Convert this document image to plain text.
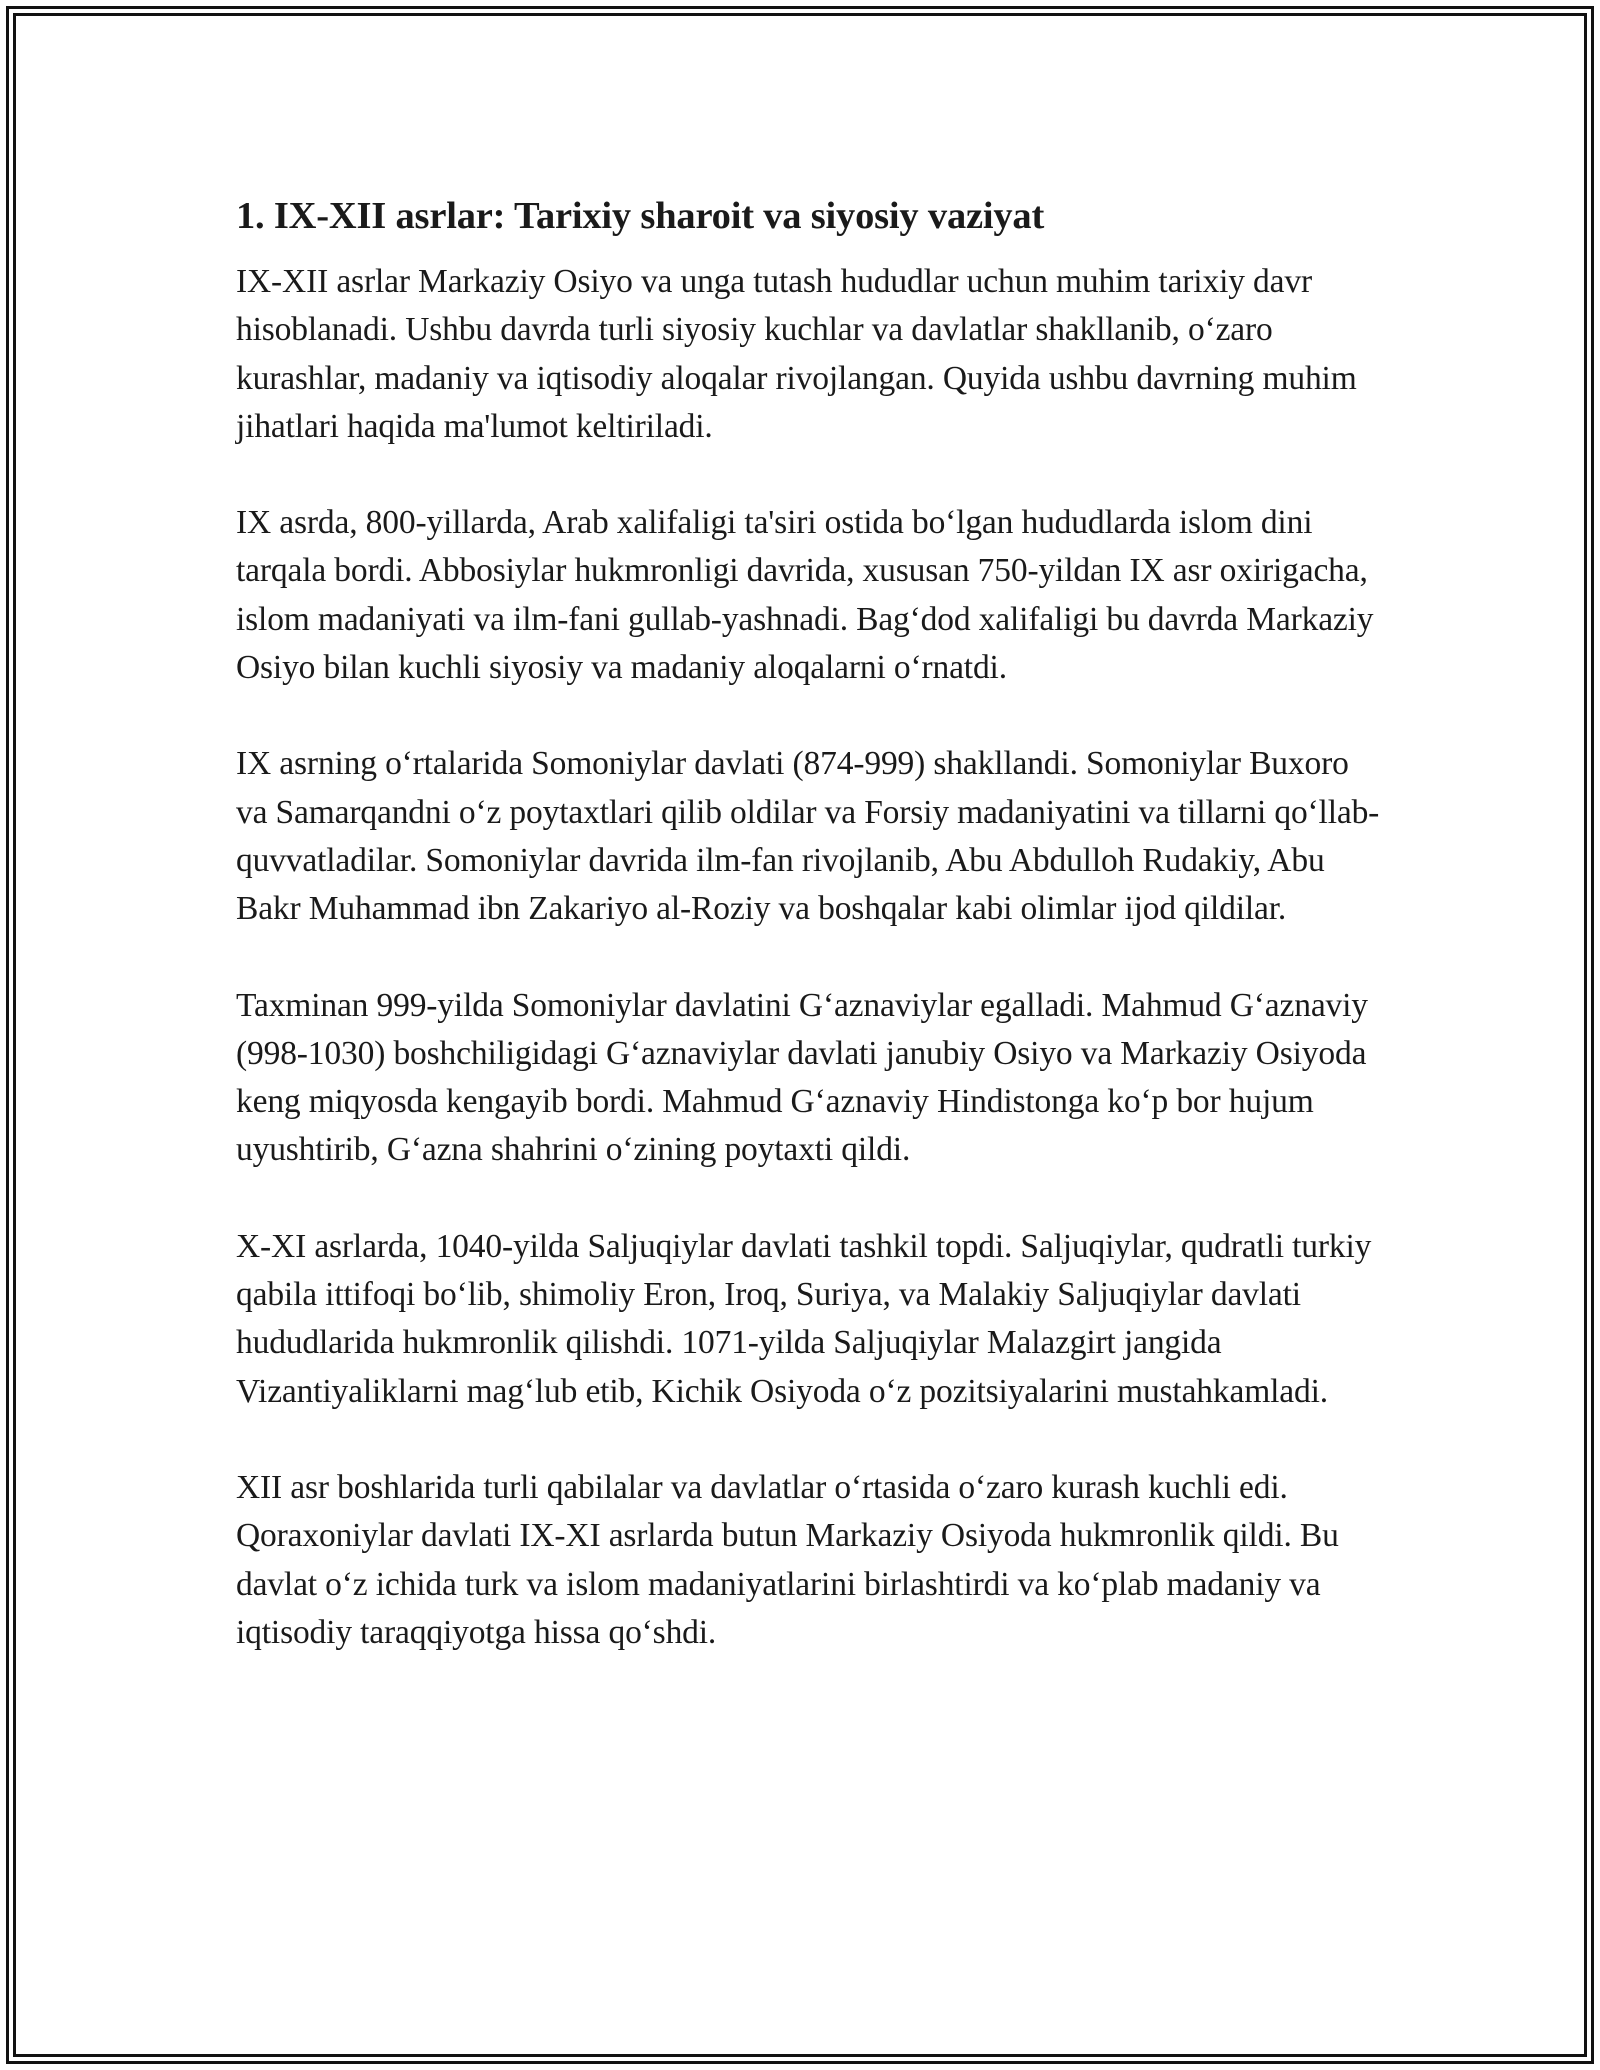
1. IX-XII asrlar: Tarixiy sharoit va siyosiy vaziyat

IX-XII asrlar Markaziy Osiyo va unga tutash hududlar uchun muhim tarixiy davr hisoblanadi. Ushbu davrda turli siyosiy kuchlar va davlatlar shakllanib, o‘zaro kurashlar, madaniy va iqtisodiy aloqalar rivojlangan. Quyida ushbu davrning muhim jihatlari haqida ma'lumot keltiriladi.

IX asrda, 800-yillarda, Arab xalifaligi ta'siri ostida bo‘lgan hududlarda islom dini tarqala bordi. Abbosiylar hukmronligi davrida, xususan 750-yildan IX asr oxirigacha, islom madaniyati va ilm-fani gullab-yashnadi. Bag‘dod xalifaligi bu davrda Markaziy Osiyo bilan kuchli siyosiy va madaniy aloqalarni o‘rnatdi.

IX asrning o‘rtalarida Somoniylar davlati (874-999) shakllandi. Somoniylar Buxoro va Samarqandni o‘z poytaxtlari qilib oldilar va Forsiy madaniyatini va tillarni qo‘llab-quvvatladilar. Somoniylar davrida ilm-fan rivojlanib, Abu Abdulloh Rudakiy, Abu Bakr Muhammad ibn Zakariyo al-Roziy va boshqalar kabi olimlar ijod qildilar.

Taxminan 999-yilda Somoniylar davlatini G‘aznaviylar egalladi. Mahmud G‘aznaviy (998-1030) boshchiligidagi G‘aznaviylar davlati janubiy Osiyo va Markaziy Osiyoda keng miqyosda kengayib bordi. Mahmud G‘aznaviy Hindistonga ko‘p bor hujum uyushtirib, G‘azna shahrini o‘zining poytaxti qildi.

X-XI asrlarda, 1040-yilda Saljuqiylar davlati tashkil topdi. Saljuqiylar, qudratli turkiy qabila ittifoqi bo‘lib, shimoliy Eron, Iroq, Suriya, va Malakiy Saljuqiylar davlati hududlarida hukmronlik qilishdi. 1071-yilda Saljuqiylar Malazgirt jangida Vizantiyaliklarni mag‘lub etib, Kichik Osiyoda o‘z pozitsiyalarini mustahkamladi.

XII asr boshlarida turli qabilalar va davlatlar o‘rtasida o‘zaro kurash kuchli edi. Qoraxoniylar davlati IX-XI asrlarda butun Markaziy Osiyoda hukmronlik qildi. Bu davlat o‘z ichida turk va islom madaniyatlarini birlashtirdi va ko‘plab madaniy va iqtisodiy taraqqiyotga hissa qo‘shdi.
